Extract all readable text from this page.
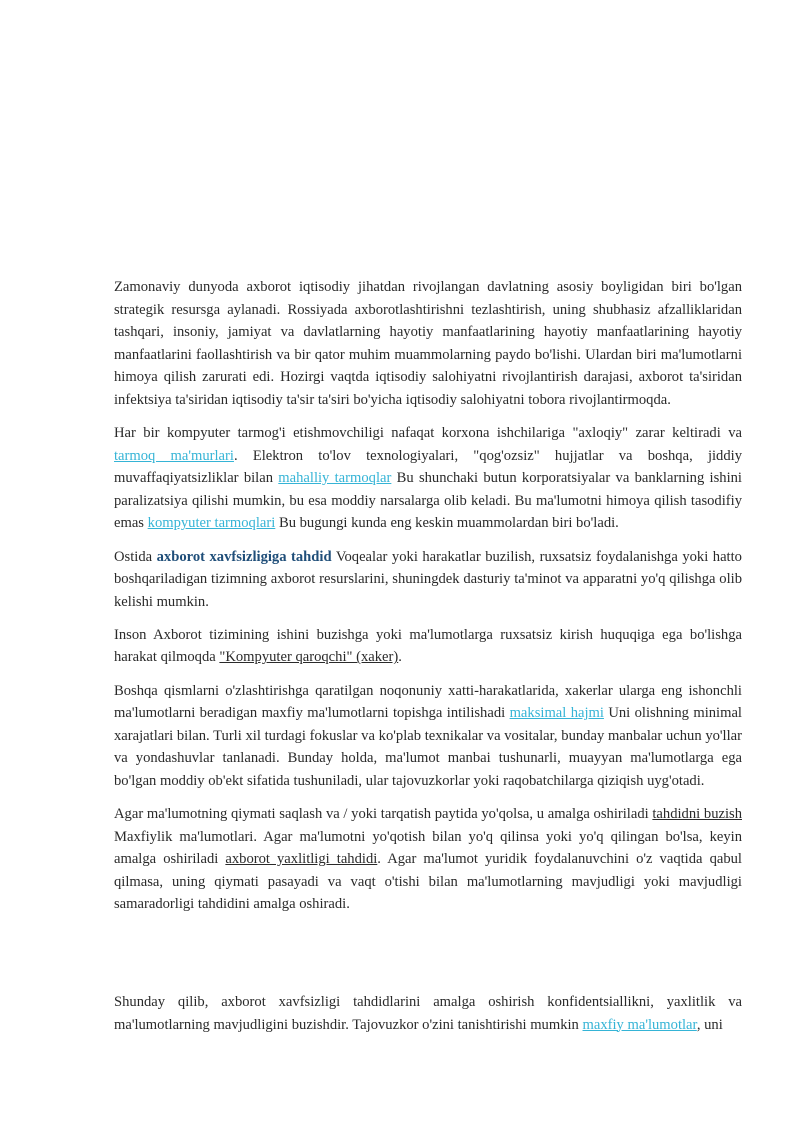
Zamonaviy dunyoda axborot iqtisodiy jihatdan rivojlangan davlatning asosiy boyligidan biri bo'lgan strategik resursga aylanadi. Rossiyada axborotlashtirishni tezlashtirish, uning shubhasiz afzalliklaridan tashqari, insoniy, jamiyat va davlatlarning hayotiy manfaatlarining hayotiy manfaatlarining hayotiy manfaatlarini faollashtirish va bir qator muhim muammolarning paydo bo'lishi. Ulardan biri ma'lumotlarni himoya qilish zarurati edi. Hozirgi vaqtda iqtisodiy salohiyatni rivojlantirish darajasi, axborot ta'siridan infektsiya ta'siridan iqtisodiy ta'sir ta'siri bo'yicha iqtisodiy salohiyatni tobora rivojlantirmoqda.

Har bir kompyuter tarmog'i etishmovchiligi nafaqat korxona ishchilariga "axloqiy" zarar keltiradi va tarmoq ma'murlari. Elektron to'lov texnologiyalari, "qog'ozsiz" hujjatlar va boshqa, jiddiy muvaffaqiyatsizliklar bilan mahalliy tarmoqlar Bu shunchaki butun korporatsiyalar va banklarning ishini paralizatsiya qilishi mumkin, bu esa moddiy narsalarga olib keladi. Bu ma'lumotni himoya qilish tasodifiy emas kompyuter tarmoqlari Bu bugungi kunda eng keskin muammolardan biri bo'ladi.

Ostida axborot xavfsizligiga tahdid Voqealar yoki harakatlar buzilish, ruxsatsiz foydalanishga yoki hatto boshqariladigan tizimning axborot resurslarini, shuningdek dasturiy ta'minot va apparatni yo'q qilishga olib kelishi mumkin.

Inson Axborot tizimining ishini buzishga yoki ma'lumotlarga ruxsatsiz kirish huquqiga ega bo'lishga harakat qilmoqda "Kompyuter qaroqchi" (xaker).

Boshqa qismlarni o'zlashtirishga qaratilgan noqonuniy xatti-harakatlarida, xakerlar ularga eng ishonchli ma'lumotlarni beradigan maxfiy ma'lumotlarni topishga intilishadi maksimal hajmi Uni olishning minimal xarajatlari bilan. Turli xil turdagi fokuslar va ko'plab texnikalar va vositalar, bunday manbalar uchun yo'llar va yondashuvlar tanlanadi. Bunday holda, ma'lumot manbai tushunarli, muayyan ma'lumotlarga ega bo'lgan moddiy ob'ekt sifatida tushuniladi, ular tajovuzkorlar yoki raqobatchilarga qiziqish uyg'otadi.

Agar ma'lumotning qiymati saqlash va / yoki tarqatish paytida yo'qolsa, u amalga oshiriladi tahdidni buzish Maxfiylik ma'lumotlari. Agar ma'lumotni yo'qotish bilan yo'q qilinsa yoki yo'q qilingan bo'lsa, keyin amalga oshiriladi axborot yaxlitligi tahdidi. Agar ma'lumot yuridik foydalanuvchini o'z vaqtida qabul qilmasa, uning qiymati pasayadi va vaqt o'tishi bilan ma'lumotlarning mavjudligi yoki mavjudligi samaradorligi tahdidini amalga oshiradi.

Shunday qilib, axborot xavfsizligi tahdidlarini amalga oshirish konfidentsiallikni, yaxlitlik va ma'lumotlarning mavjudligini buzishdir. Tajovuzkor o'zini tanishtirishi mumkin maxfiy ma'lumotlar, uni
